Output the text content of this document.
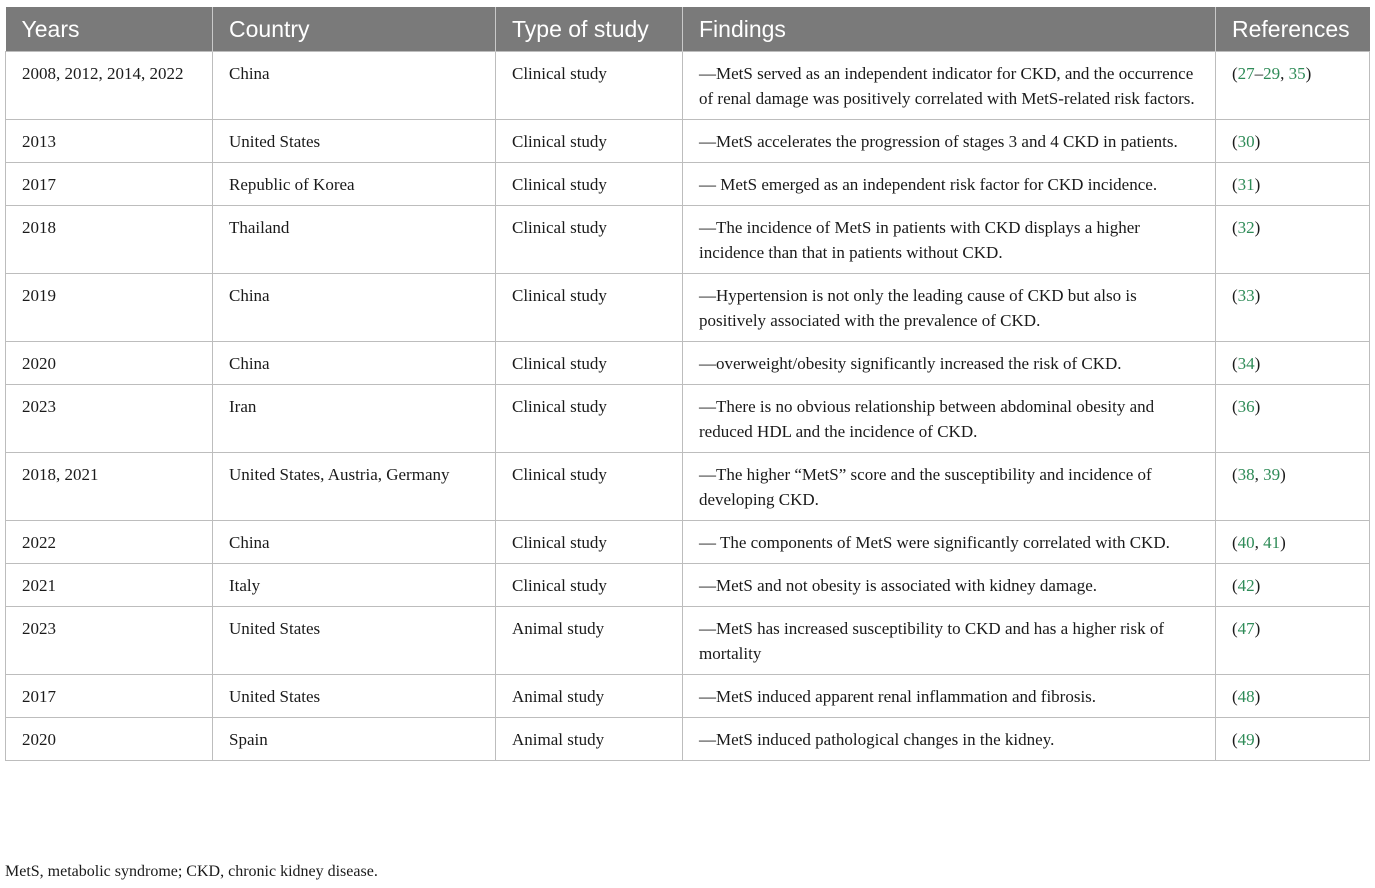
Years	Country	Type of study	Findings	References
2008, 2012, 2014, 2022	China	Clinical study	—MetS served as an independent indicator for CKD, and the occurrence of renal damage was positively correlated with MetS-related risk factors.	(27–29, 35)
2013	United States	Clinical study	—MetS accelerates the progression of stages 3 and 4 CKD in patients.	(30)
2017	Republic of Korea	Clinical study	— MetS emerged as an independent risk factor for CKD incidence.	(31)
2018	Thailand	Clinical study	—The incidence of MetS in patients with CKD displays a higher incidence than that in patients without CKD.	(32)
2019	China	Clinical study	—Hypertension is not only the leading cause of CKD but also is positively associated with the prevalence of CKD.	(33)
2020	China	Clinical study	—overweight/obesity significantly increased the risk of CKD.	(34)
2023	Iran	Clinical study	—There is no obvious relationship between abdominal obesity and reduced HDL and the incidence of CKD.	(36)
2018, 2021	United States, Austria, Germany	Clinical study	—The higher “MetS” score and the susceptibility and incidence of developing CKD.	(38, 39)
2022	China	Clinical study	— The components of MetS were significantly correlated with CKD.	(40, 41)
2021	Italy	Clinical study	—MetS and not obesity is associated with kidney damage.	(42)
2023	United States	Animal study	—MetS has increased susceptibility to CKD and has a higher risk of mortality	(47)
2017	United States	Animal study	—MetS induced apparent renal inflammation and fibrosis.	(48)
2020	Spain	Animal study	—MetS induced pathological changes in the kidney.	(49)
MetS, metabolic syndrome; CKD, chronic kidney disease.
